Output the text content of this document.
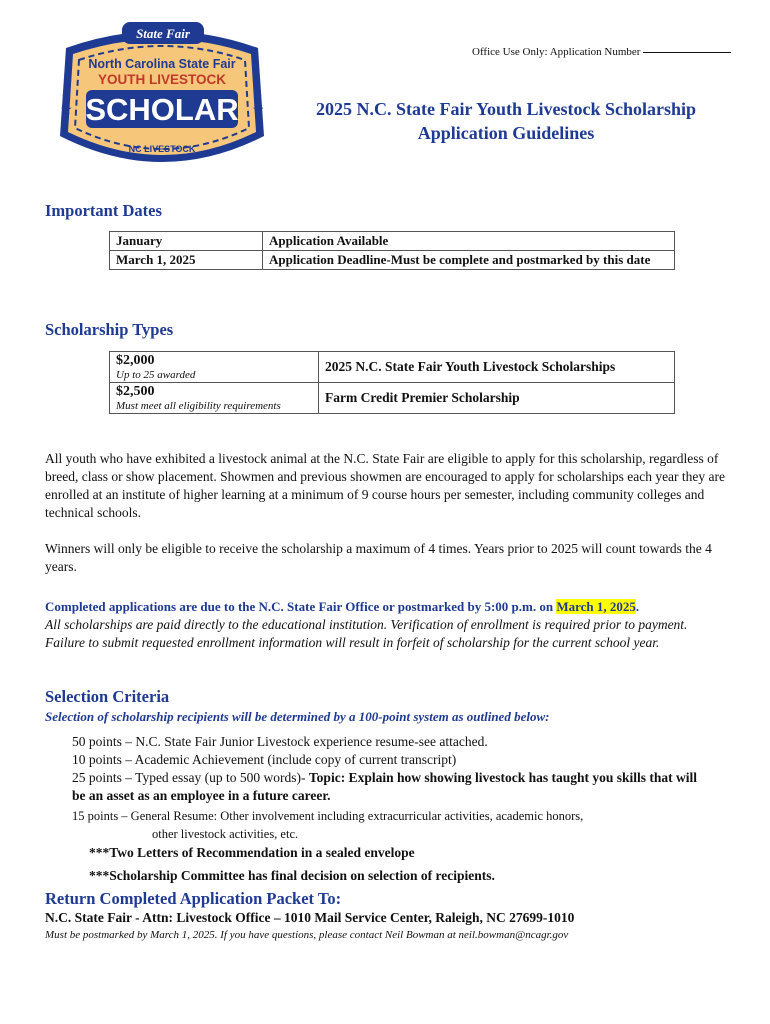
State Fair
North Carolina State Fair
YOUTH LIVESTOCK
SCHOLAR
★	★
NC LIVESTOCK
Office Use Only: Application Number
2025 N.C. State Fair Youth Livestock Scholarship Application Guidelines
Important Dates
January	Application Available
March 1, 2025	Application Deadline-Must be complete and postmarked by this date
Scholarship Types
$2,000
Up to 25 awarded	2025 N.C. State Fair Youth Livestock Scholarships
$2,500
Must meet all eligibility requirements	Farm Credit Premier Scholarship
All youth who have exhibited a livestock animal at the N.C. State Fair are eligible to apply for this scholarship, regardless of breed, class or show placement. Showmen and previous showmen are encouraged to apply for scholarships each year they are enrolled at an institute of higher learning at a minimum of 9 course hours per semester, including community colleges and technical schools.
Winners will only be eligible to receive the scholarship a maximum of 4 times. Years prior to 2025 will count towards the 4 years.
Completed applications are due to the N.C. State Fair Office or postmarked by 5:00 p.m. on March 1, 2025.
All scholarships are paid directly to the educational institution. Verification of enrollment is required prior to payment. Failure to submit requested enrollment information will result in forfeit of scholarship for the current school year.
Selection Criteria
Selection of scholarship recipients will be determined by a 100-point system as outlined below:
50 points – N.C. State Fair Junior Livestock experience resume-see attached.
10 points – Academic Achievement (include copy of current transcript)
25 points – Typed essay (up to 500 words)- Topic: Explain how showing livestock has taught you skills that will be an asset as an employee in a future career.
15 points – General Resume: Other involvement including extracurricular activities, academic honors,
other livestock activities, etc.
***Two Letters of Recommendation in a sealed envelope
***Scholarship Committee has final decision on selection of recipients.
Return Completed Application Packet To:
N.C. State Fair - Attn: Livestock Office – 1010 Mail Service Center, Raleigh, NC 27699-1010
Must be postmarked by March 1, 2025. If you have questions, please contact Neil Bowman at neil.bowman@ncagr.gov
